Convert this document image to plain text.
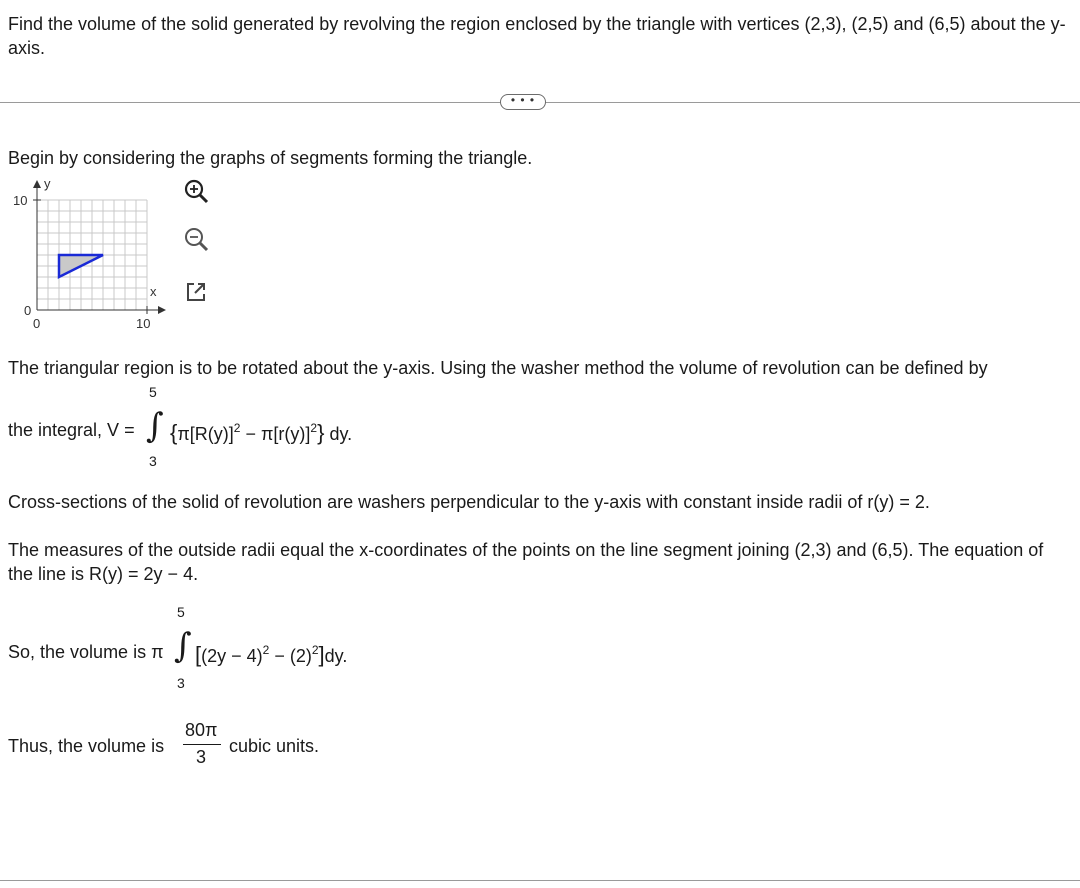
Find the volume of the solid generated by revolving the region enclosed by the triangle with vertices (2,3), (2,5) and (6,5) about the y-axis.
• • •
Begin by considering the graphs of segments forming the triangle.
y
x
10
0
0	10
The triangular region is to be rotated about the y-axis. Using the washer method the volume of revolution can be defined by
the integral, V =
5
∫
3
$\{\pi[R(y)]^2 - \pi[r(y)]^2\}$ dy.
Cross-sections of the solid of revolution are washers perpendicular to the y-axis with constant inside radii of r(y) = 2.
The measures of the outside radii equal the x-coordinates of the points on the line segment joining (2,3) and (6,5). The equation of the line is R(y) = 2y − 4.
So, the volume is π
5
∫
3
$[(2y - 4)^2 - (2)^2]dy$.
Thus, the volume is
80π
3
cubic units.
